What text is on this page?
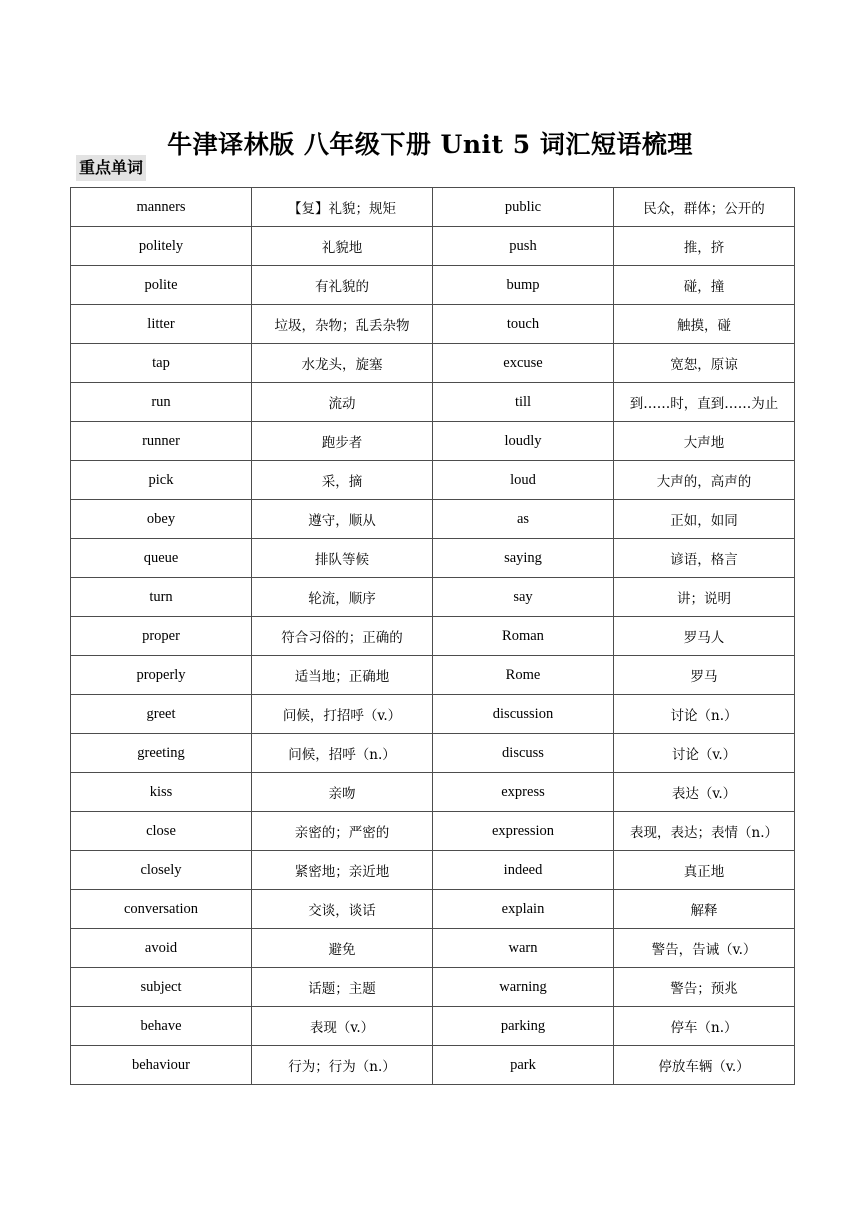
牛津译林版 八年级下册 Unit 5 词汇短语梳理
重点单词
manners	【复】礼貌；规矩	public	民众，群体；公开的
politely	礼貌地	push	推，挤
polite	有礼貌的	bump	碰，撞
litter	垃圾，杂物；乱丢杂物	touch	触摸，碰
tap	水龙头，旋塞	excuse	宽恕，原谅
run	流动	till	到……时，直到……为止
runner	跑步者	loudly	大声地
pick	采，摘	loud	大声的，高声的
obey	遵守，顺从	as	正如，如同
queue	排队等候	saying	谚语，格言
turn	轮流，顺序	say	讲；说明
proper	符合习俗的；正确的	Roman	罗马人
properly	适当地；正确地	Rome	罗马
greet	问候，打招呼（v.）	discussion	讨论（n.）
greeting	问候，招呼（n.）	discuss	讨论（v.）
kiss	亲吻	express	表达（v.）
close	亲密的；严密的	expression	表现，表达；表情（n.）
closely	紧密地；亲近地	indeed	真正地
conversation	交谈，谈话	explain	解释
avoid	避免	warn	警告，告诫（v.）
subject	话题；主题	warning	警告；预兆
behave	表现（v.）	parking	停车（n.）
behaviour	行为；行为（n.）	park	停放车辆（v.）
